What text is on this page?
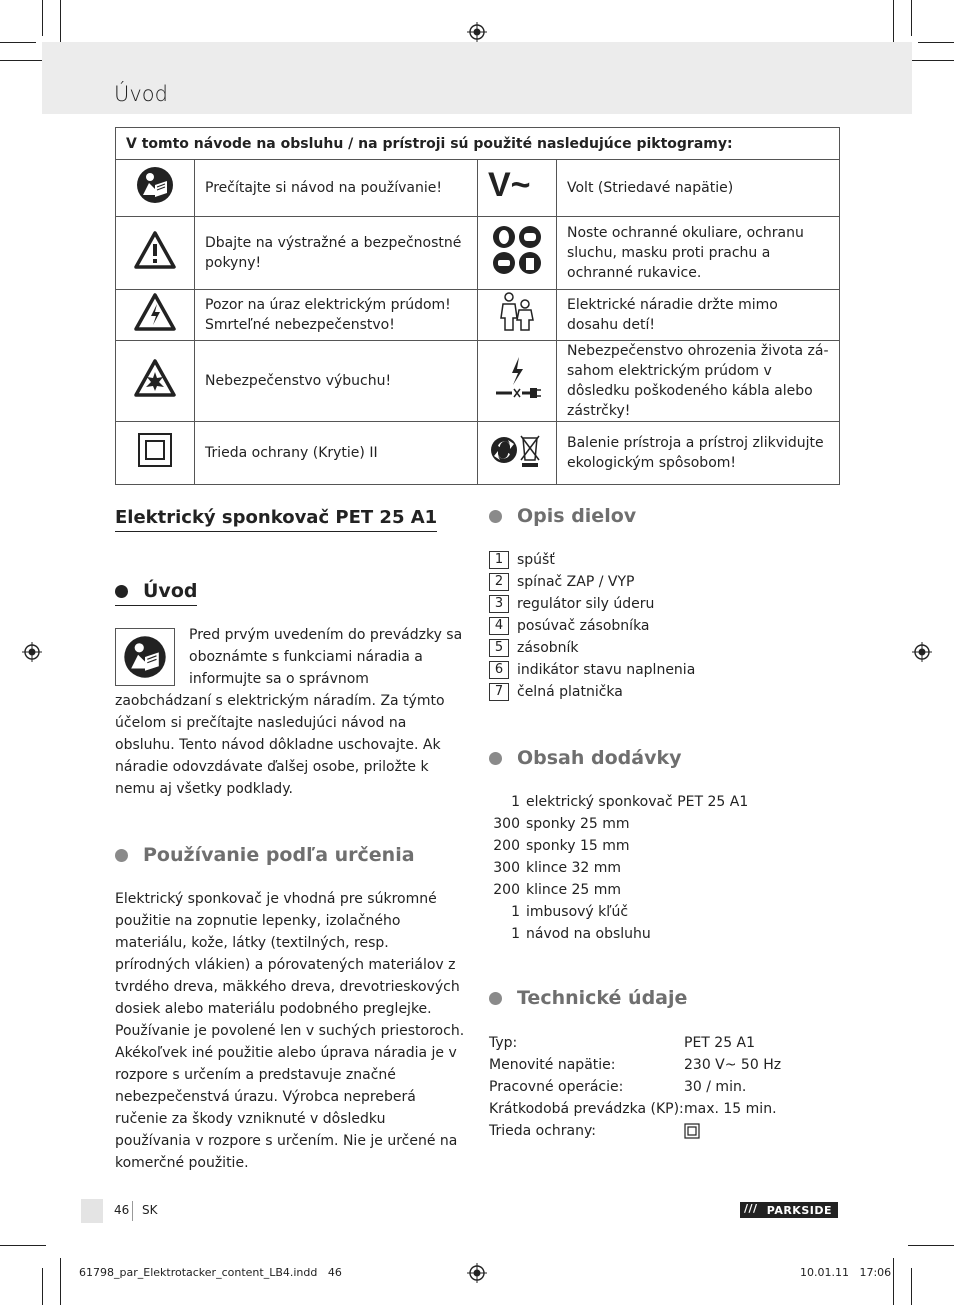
Úvod
V tomto návode na obsluhu / na prístroji sú použité nasledujúce piktogramy:			
	Prečítajte si návod na používanie!	V~	Volt (Striedavé napätie)
	Dbajte na výstražné a bezpečnostné pokyny!		Noste ochranné okuliare, ochranu sluchu, masku proti prachu a ochranné rukavice.
	Pozor na úraz elektrickým prúdom! Smrteľné nebezpečenstvo!		Elektrické náradie držte mimo dosahu detí!
	Nebezpečenstvo výbuchu!		Nebezpečenstvo ohrozenia života zá-sahom elektrickým prúdom v dôsledku poškodeného kábla alebo zástrčky!
	Trieda ochrany (Krytie) II		Balenie prístroja a prístroj zlikvidujte ekologickým spôsobom!
Elektrický sponkovač PET 25 A1
Úvod

Pred prvým uvedením do prevádzky sa oboznámte s funkciami náradia a informujte sa o správnom zaobchádzaní s elektrickým náradím. Za týmto účelom si prečítajte nasledujúci návod na obsluhu. Tento návod dôkladne uschovajte. Ak náradie odovzdávate ďalšej osobe, priložte k nemu aj všetky podklady.

Používanie podľa určenia

Elektrický sponkovač je vhodná pre súkromné použitie na zopnutie lepenky, izolačného materiálu, kože, látky (textilných, resp. prírodných vlákien) a pórovatených materiálov z tvrdého dreva, mäkkého dreva, drevotrieskových dosiek alebo materiálu podobného preglejke. Používanie je povolené len v suchých priestoroch. Akékoľvek iné použitie alebo úprava náradia je v rozpore s určením a predstavuje značné nebezpečenstvá úrazu. Výrobca nepreberá ručenie za škody vzniknuté v dôsledku používania v rozpore s určením. Nie je určené na komerčné použitie.

Opis dielov
1 spúšť
2 spínač ZAP / VYP
3 regulátor sily úderu
4 posúvač zásobníka
5 zásobník
6 indikátor stavu naplnenia
7 čelná platnička
Obsah dodávky
1 elektrický sponkovač PET 25 A1
300 sponky 25 mm
200 sponky 15 mm
300 klince 32 mm
200 klince 25 mm
1 imbusový kľúč
1 návod na obsluhu
Technické údaje
Typ:	PET 25 A1
Menovité napätie:	230 V~ 50 Hz
Pracovné operácie:	30 / min.
Krátkodobá prevádzka (KP): max. 15 min.
Trieda ochrany:
46 SK	/// PARKSIDE
61798_par_Elektrotacker_content_LB4.indd   46	10.01.11   17:06
